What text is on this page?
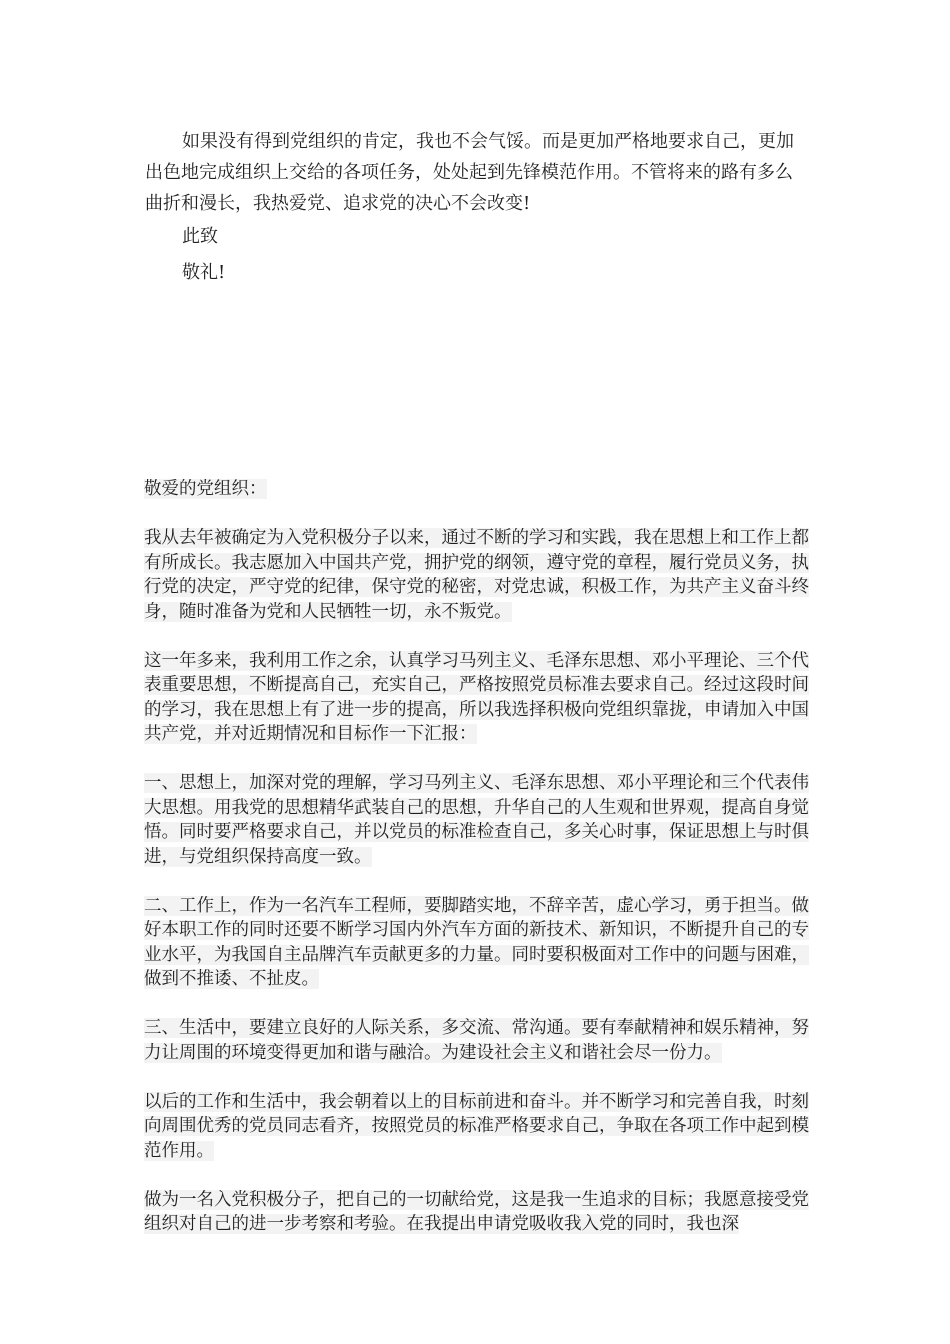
如果没有得到党组织的肯定，我也不会气馁。而是更加严格地要求自己，更加出色地完成组织上交给的各项任务，处处起到先锋模范作用。不管将来的路有多么曲折和漫长，我热爱党、追求党的决心不会改变!

此致

敬礼!

敬爱的党组织：

我从去年被确定为入党积极分子以来，通过不断的学习和实践，我在思想上和工作上都有所成长。我志愿加入中国共产党，拥护党的纲领，遵守党的章程，履行党员义务，执行党的决定，严守党的纪律，保守党的秘密，对党忠诚，积极工作，为共产主义奋斗终身，随时准备为党和人民牺牲一切，永不叛党。

这一年多来，我利用工作之余，认真学习马列主义、毛泽东思想、邓小平理论、三个代表重要思想，不断提高自己，充实自己，严格按照党员标准去要求自己。经过这段时间的学习，我在思想上有了进一步的提高，所以我选择积极向党组织靠拢，申请加入中国共产党，并对近期情况和目标作一下汇报：

一、思想上，加深对党的理解，学习马列主义、毛泽东思想、邓小平理论和三个代表伟大思想。用我党的思想精华武装自己的思想，升华自己的人生观和世界观，提高自身觉悟。同时要严格要求自己，并以党员的标准检查自己，多关心时事，保证思想上与时俱进，与党组织保持高度一致。

二、工作上，作为一名汽车工程师，要脚踏实地，不辞辛苦，虚心学习，勇于担当。做好本职工作的同时还要不断学习国内外汽车方面的新技术、新知识，不断提升自己的专业水平，为我国自主品牌汽车贡献更多的力量。同时要积极面对工作中的问题与困难，做到不推诿、不扯皮。

三、生活中，要建立良好的人际关系，多交流、常沟通。要有奉献精神和娱乐精神，努力让周围的环境变得更加和谐与融洽。为建设社会主义和谐社会尽一份力。

以后的工作和生活中，我会朝着以上的目标前进和奋斗。并不断学习和完善自我，时刻向周围优秀的党员同志看齐，按照党员的标准严格要求自己，争取在各项工作中起到模范作用。

做为一名入党积极分子，把自己的一切献给党，这是我一生追求的目标；我愿意接受党组织对自己的进一步考察和考验。在我提出申请党吸收我入党的同时，我也深
